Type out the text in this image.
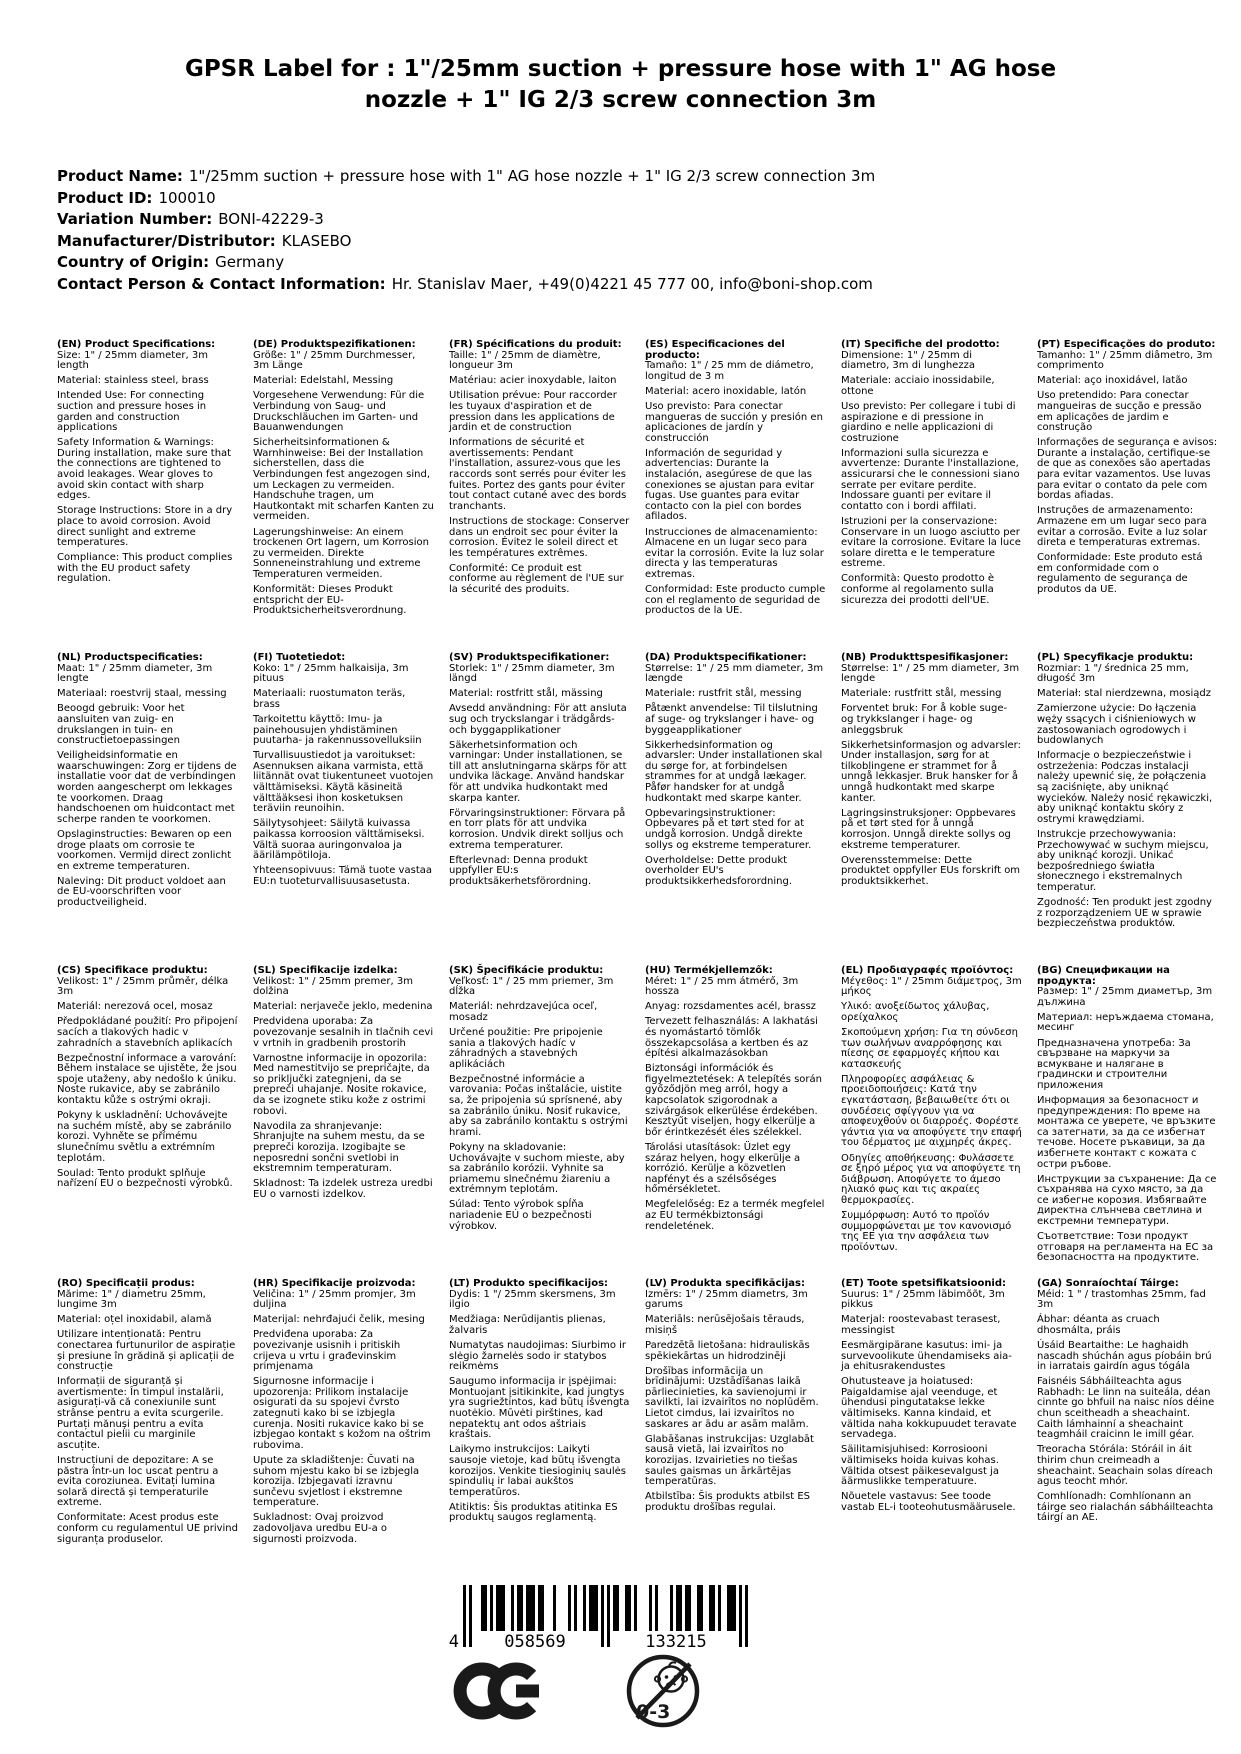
GPSR Label for : 1"/25mm suction + pressure hose with 1" AG hose
nozzle + 1" IG 2/3 screw connection 3m
Product Name: 1"/25mm suction + pressure hose with 1" AG hose nozzle + 1" IG 2/3 screw connection 3m
Product ID: 100010
Variation Number: BONI-42229-3
Manufacturer/Distributor: KLASEBO
Country of Origin: Germany
Contact Person & Contact Information: Hr. Stanislav Maer, +49(0)4221 45 777 00, info@boni-shop.com
(EN) Product Specifications:

Size: 1" / 25mm diameter, 3m length

Material: stainless steel, brass

Intended Use: For connecting suction and pressure hoses in garden and construction applications

Safety Information & Warnings: During installation, make sure that the connections are tightened to avoid leakages. Wear gloves to avoid skin contact with sharp edges.

Storage Instructions: Store in a dry place to avoid corrosion. Avoid direct sunlight and extreme temperatures.

Compliance: This product complies with the EU product safety regulation.

(DE) Produktspezifikationen:

Größe: 1" / 25mm Durchmesser, 3m Länge

Material: Edelstahl, Messing

Vorgesehene Verwendung: Für die Verbindung von Saug- und Druckschläuchen im Garten- und Bauanwendungen

Sicherheitsinformationen & Warnhinweise: Bei der Installation sicherstellen, dass die Verbindungen fest angezogen sind, um Leckagen zu vermeiden. Handschuhe tragen, um Hautkontakt mit scharfen Kanten zu vermeiden.

Lagerungshinweise: An einem trockenen Ort lagern, um Korrosion zu vermeiden. Direkte Sonneneinstrahlung und extreme Temperaturen vermeiden.

Konformität: Dieses Produkt entspricht der EU-Produktsicherheitsverordnung.

(FR) Spécifications du produit:

Taille: 1" / 25mm de diamètre, longueur 3m

Matériau: acier inoxydable, laiton

Utilisation prévue: Pour raccorder les tuyaux d'aspiration et de pression dans les applications de jardin et de construction

Informations de sécurité et avertissements: Pendant l'installation, assurez-vous que les raccords sont serrés pour éviter les fuites. Portez des gants pour éviter tout contact cutané avec des bords tranchants.

Instructions de stockage: Conserver dans un endroit sec pour éviter la corrosion. Évitez le soleil direct et les températures extrêmes.

Conformité: Ce produit est conforme au règlement de l'UE sur la sécurité des produits.

(ES) Especificaciones del producto:

Tamaño: 1" / 25 mm de diámetro, longitud de 3 m

Material: acero inoxidable, latón

Uso previsto: Para conectar mangueras de succión y presión en aplicaciones de jardín y construcción

Información de seguridad y advertencias: Durante la instalación, asegúrese de que las conexiones se ajustan para evitar fugas. Use guantes para evitar contacto con la piel con bordes afilados.

Instrucciones de almacenamiento: Almacene en un lugar seco para evitar la corrosión. Evite la luz solar directa y las temperaturas extremas.

Conformidad: Este producto cumple con el reglamento de seguridad de productos de la UE.

(IT) Specifiche del prodotto:

Dimensione: 1" / 25mm di diametro, 3m di lunghezza

Materiale: acciaio inossidabile, ottone

Uso previsto: Per collegare i tubi di aspirazione e di pressione in giardino e nelle applicazioni di costruzione

Informazioni sulla sicurezza e avvertenze: Durante l'installazione, assicurarsi che le connessioni siano serrate per evitare perdite. Indossare guanti per evitare il contatto con i bordi affilati.

Istruzioni per la conservazione: Conservare in un luogo asciutto per evitare la corrosione. Evitare la luce solare diretta e le temperature estreme.

Conformità: Questo prodotto è conforme al regolamento sulla sicurezza dei prodotti dell'UE.

(PT) Especificações do produto:

Tamanho: 1" / 25mm diâmetro, 3m comprimento

Material: aço inoxidável, latão

Uso pretendido: Para conectar mangueiras de sucção e pressão em aplicações de jardim e construção

Informações de segurança e avisos: Durante a instalação, certifique-se de que as conexões são apertadas para evitar vazamentos. Use luvas para evitar o contato da pele com bordas afiadas.

Instruções de armazenamento: Armazene em um lugar seco para evitar a corrosão. Evite a luz solar direta e temperaturas extremas.

Conformidade: Este produto está em conformidade com o regulamento de segurança de produtos da UE.

(NL) Productspecificaties:

Maat: 1" / 25mm diameter, 3m lengte

Materiaal: roestvrij staal, messing

Beoogd gebruik: Voor het aansluiten van zuig- en drukslangen in tuin- en constructietoepassingen

Veiligheidsinformatie en waarschuwingen: Zorg er tijdens de installatie voor dat de verbindingen worden aangescherpt om lekkages te voorkomen. Draag handschoenen om huidcontact met scherpe randen te voorkomen.

Opslaginstructies: Bewaren op een droge plaats om corrosie te voorkomen. Vermijd direct zonlicht en extreme temperaturen.

Naleving: Dit product voldoet aan de EU-voorschriften voor productveiligheid.

(FI) Tuotetiedot:

Koko: 1" / 25mm halkaisija, 3m pituus

Materiaali: ruostumaton teräs, brass

Tarkoitettu käyttö: Imu- ja painehousujen yhdistäminen puutarha- ja rakennussovelluksiin

Turvallisuustiedot ja varoitukset: Asennuksen aikana varmista, että liitännät ovat tiukentuneet vuotojen välttämiseksi. Käytä käsineitä välttääksesi ihon kosketuksen teräviin reunoihin.

Säilytysohjeet: Säilytä kuivassa paikassa korroosion välttämiseksi. Vältä suoraa auringonvaloa ja äärilämpötiloja.

Yhteensopivuus: Tämä tuote vastaa EU:n tuoteturvallisuusasetusta.

(SV) Produktspecifikationer:

Storlek: 1" / 25mm diameter, 3m längd

Material: rostfritt stål, mässing

Avsedd användning: För att ansluta sug och tryckslangar i trädgårds- och byggapplikationer

Säkerhetsinformation och varningar: Under installationen, se till att anslutningarna skärps för att undvika läckage. Använd handskar för att undvika hudkontakt med skarpa kanter.

Förvaringsinstruktioner: Förvara på en torr plats för att undvika korrosion. Undvik direkt solljus och extrema temperaturer.

Efterlevnad: Denna produkt uppfyller EU:s produktsäkerhetsförordning.

(DA) Produktspecifikationer:

Størrelse: 1" / 25 mm diameter, 3m længde

Materiale: rustfrit stål, messing

Påtænkt anvendelse: Til tilslutning af suge- og trykslanger i have- og byggeapplikationer

Sikkerhedsinformation og advarsler: Under installationen skal du sørge for, at forbindelsen strammes for at undgå lækager. Påfør handsker for at undgå hudkontakt med skarpe kanter.

Opbevaringsinstruktioner: Opbevares på et tørt sted for at undgå korrosion. Undgå direkte sollys og ekstreme temperaturer.

Overholdelse: Dette produkt overholder EU's produktsikkerhedsforordning.

(NB) Produkttspesifikasjoner:

Størrelse: 1" / 25 mm diameter, 3m lengde

Materiale: rustfritt stål, messing

Forventet bruk: For å koble suge- og trykkslanger i hage- og anleggsbruk

Sikkerhetsinformasjon og advarsler: Under installasjon, sørg for at tilkoblingene er strammet for å unngå lekkasjer. Bruk hansker for å unngå hudkontakt med skarpe kanter.

Lagringsinstruksjoner: Oppbevares på et tørt sted for å unngå korrosjon. Unngå direkte sollys og ekstreme temperaturer.

Overensstemmelse: Dette produktet oppfyller EUs forskrift om produktsikkerhet.

(PL) Specyfikacje produktu:

Rozmiar: 1 "/ średnica 25 mm, długość 3m

Materiał: stal nierdzewna, mosiądz

Zamierzone użycie: Do łączenia węży ssących i ciśnieniowych w zastosowaniach ogrodowych i budowlanych

Informacje o bezpieczeństwie i ostrzeżenia: Podczas instalacji należy upewnić się, że połączenia są zaciśnięte, aby uniknąć wycieków. Należy nosić rękawiczki, aby uniknąć kontaktu skóry z ostrymi krawędziami.

Instrukcje przechowywania: Przechowywać w suchym miejscu, aby uniknąć korozji. Unikać bezpośredniego światła słonecznego i ekstremalnych temperatur.

Zgodność: Ten produkt jest zgodny z rozporządzeniem UE w sprawie bezpieczeństwa produktów.

(CS) Specifikace produktu:

Velikost: 1" / 25mm průměr, délka 3m

Materiál: nerezová ocel, mosaz

Předpokládané použití: Pro připojení sacích a tlakových hadic v zahradních a stavebních aplikacích

Bezpečnostní informace a varování: Během instalace se ujistěte, že jsou spoje utaženy, aby nedošlo k úniku. Noste rukavice, aby se zabránilo kontaktu kůže s ostrými okraji.

Pokyny k uskladnění: Uchovávejte na suchém místě, aby se zabránilo korozi. Vyhněte se přímému slunečnímu světlu a extrémním teplotám.

Soulad: Tento produkt splňuje nařízení EU o bezpečnosti výrobků.

(SL) Specifikacije izdelka:

Velikost: 1" / 25mm premer, 3m dolžina

Material: nerjaveče jeklo, medenina

Predvidena uporaba: Za povezovanje sesalnih in tlačnih cevi v vrtnih in gradbenih prostorih

Varnostne informacije in opozorila: Med namestitvijo se prepričajte, da so priključki zategnjeni, da se prepreči uhajanje. Nosite rokavice, da se izognete stiku kože z ostrimi robovi.

Navodila za shranjevanje: Shranjujte na suhem mestu, da se prepreči korozija. Izogibajte se neposredni sončni svetlobi in ekstremnim temperaturam.

Skladnost: Ta izdelek ustreza uredbi EU o varnosti izdelkov.

(SK) Špecifikácie produktu:

Veľkosť: 1" / 25 mm priemer, 3m dĺžka

Materiál: nehrdzavejúca oceľ, mosadz

Určené použitie: Pre pripojenie sania a tlakových hadíc v záhradných a stavebných aplikáciách

Bezpečnostné informácie a varovania: Počas inštalácie, uistite sa, že pripojenia sú sprísnené, aby sa zabránilo úniku. Nosiť rukavice, aby sa zabránilo kontaktu s ostrými hrami.

Pokyny na skladovanie: Uchovávajte v suchom mieste, aby sa zabránilo korózii. Vyhnite sa priamemu slnečnému žiareniu a extrémnym teplotám.

Súlad: Tento výrobok spĺňa nariadenie EÚ o bezpečnosti výrobkov.

(HU) Termékjellemzők:

Méret: 1" / 25 mm átmérő, 3m hossza

Anyag: rozsdamentes acél, brassz

Tervezett felhasználás: A lakhatási és nyomástartó tömlők összekapcsolása a kertben és az építési alkalmazásokban

Biztonsági információk és figyelmeztetések: A telepítés során győződjön meg arról, hogy a kapcsolatok szigorodnak a szivárgások elkerülése érdekében. Kesztyűt viseljen, hogy elkerülje a bőr érintkezését éles szélekkel.

Tárolási utasítások: Üzlet egy száraz helyen, hogy elkerülje a korrózió. Kerülje a közvetlen napfényt és a szélsőséges hőmérsékletet.

Megfelelőség: Ez a termék megfelel az EU termékbiztonsági rendeletének.

(EL) Προδιαγραφές προϊόντος:

Μέγεθος: 1" / 25mm διάμετρος, 3m μήκος

Υλικό: ανοξείδωτος χάλυβας, ορείχαλκος

Σκοπούμενη χρήση: Για τη σύνδεση των σωλήνων αναρρόφησης και πίεσης σε εφαρμογές κήπου και κατασκευής

Πληροφορίες ασφάλειας & προειδοποιήσεις: Κατά την εγκατάσταση, βεβαιωθείτε ότι οι συνδέσεις σφίγγουν για να αποφευχθούν οι διαρροές. Φορέστε γάντια για να αποφύγετε την επαφή του δέρματος με αιχμηρές άκρες.

Οδηγίες αποθήκευσης: Φυλάσσετε σε ξηρό μέρος για να αποφύγετε τη διάβρωση. Αποφύγετε το άμεσο ηλιακό φως και τις ακραίες θερμοκρασίες.

Συμμόρφωση: Αυτό το προϊόν συμμορφώνεται με τον κανονισμό της ΕΕ για την ασφάλεια των προϊόντων.

(BG) Спецификации на продукта:

Размер: 1" / 25mm диаметър, 3m дължина

Материал: неръждаема стомана, месинг

Предназначена употреба: За свързване на маркучи за всмукване и налягане в градински и строителни приложения

Информация за безопасност и предупреждения: По време на монтажа се уверете, че връзките са затегнати, за да се избегнат течове. Носете ръкавици, за да избегнете контакт с кожата с остри ръбове.

Инструкции за съхранение: Да се съхранява на сухо място, за да се избегне корозия. Избягвайте директна слънчева светлина и екстремни температури.

Съответствие: Този продукт отговаря на регламента на ЕС за безопасността на продуктите.

(RO) Specificații produs:

Mărime: 1" / diametru 25mm, lungime 3m

Material: oțel inoxidabil, alamă

Utilizare intenționată: Pentru conectarea furtunurilor de aspirație și presiune în grădină și aplicații de construcție

Informații de siguranță și avertismente: În timpul instalării, asigurați-vă că conexiunile sunt strânse pentru a evita scurgerile. Purtați mănuși pentru a evita contactul pielii cu marginile ascuțite.

Instrucțiuni de depozitare: A se păstra într-un loc uscat pentru a evita coroziunea. Evitați lumina solară directă și temperaturile extreme.

Conformitate: Acest produs este conform cu regulamentul UE privind siguranța produselor.

(HR) Specifikacije proizvoda:

Veličina: 1" / 25mm promjer, 3m duljina

Materijal: nehrđajući čelik, mesing

Predviđena uporaba: Za povezivanje usisnih i pritiskih crijeva u vrtu i građevinskim primjenama

Sigurnosne informacije i upozorenja: Prilikom instalacije osigurati da su spojevi čvrsto zategnuti kako bi se izbjegla curenja. Nositi rukavice kako bi se izbjegao kontakt s kožom na oštrim rubovima.

Upute za skladištenje: Čuvati na suhom mjestu kako bi se izbjegla korozija. Izbjegavati izravnu sunčevu svjetlost i ekstremne temperature.

Sukladnost: Ovaj proizvod zadovoljava uredbu EU-a o sigurnosti proizvoda.

(LT) Produkto specifikacijos:

Dydis: 1 "/ 25mm skersmens, 3m ilgio

Medžiaga: Nerūdijantis plienas, žalvaris

Numatytas naudojimas: Siurbimo ir slėgio žarnelės sodo ir statybos reikmėms

Saugumo informacija ir įspėjimai: Montuojant įsitikinkite, kad jungtys yra sugriežtintos, kad būtų išvengta nuotėkio. Mūvėti pirštines, kad nepatektų ant odos aštriais kraštais.

Laikymo instrukcijos: Laikyti sausoje vietoje, kad būtų išvengta korozijos. Venkite tiesioginių saulės spindulių ir labai aukštos temperatūros.

Atitiktis: Šis produktas atitinka ES produktų saugos reglamentą.

(LV) Produkta specifikācijas:

Izmērs: 1" / 25mm diametrs, 3m garums

Materiāls: nerūsējošais tērauds, misiņš

Paredzētā lietošana: hidrauliskās spēkiekārtas un hidrodzinēji

Drošības informācija un brīdinājumi: Uzstādīšanas laikā pārliecinieties, ka savienojumi ir savilkti, lai izvairītos no noplūdēm. Lietot cimdus, lai izvairītos no saskares ar ādu ar asām malām.

Glabāšanas instrukcijas: Uzglabāt sausā vietā, lai izvairītos no korozijas. Izvairieties no tiešas saules gaismas un ārkārtējas temperatūras.

Atbilstība: Šis produkts atbilst ES produktu drošības regulai.

(ET) Toote spetsifikatsioonid:

Suurus: 1" / 25mm läbimõõt, 3m pikkus

Materjal: roostevabast terasest, messingist

Eesmärgipärane kasutus: imi- ja survevoolikute ühendamiseks aia- ja ehitusrakendustes

Ohutusteave ja hoiatused: Paigaldamise ajal veenduge, et ühendusi pingutatakse lekke vältimiseks. Kanna kindaid, et vältida naha kokkupuudet teravate servadega.

Säilitamisjuhised: Korrosiooni vältimiseks hoida kuivas kohas. Vältida otsest päikesevalgust ja äärmuslikke temperatuure.

Nõuetele vastavus: See toode vastab EL-i tooteohutusmäärusele.

(GA) Sonraíochtaí Táirge:

Méid: 1 " / trastomhas 25mm, fad 3m

Ábhar: déanta as cruach dhosmálta, práis

Úsáid Beartaithe: Le haghaidh nascadh shúchán agus píobáin brú in iarratais gairdín agus tógála

Faisnéis Sábháilteachta agus Rabhadh: Le linn na suiteála, déan cinnte go bhfuil na naisc níos déine chun sceitheadh a sheachaint. Caith lámhainní a sheachaint teagmháil craicinn le imill géar.

Treoracha Stórála: Stóráil in áit thirim chun creimeadh a sheachaint. Seachain solas díreach agus teocht mhór.

Comhlíonadh: Comhlíonann an táirge seo rialachán sábháilteachta táirgí an AE.

4	058569	133215
0-3
